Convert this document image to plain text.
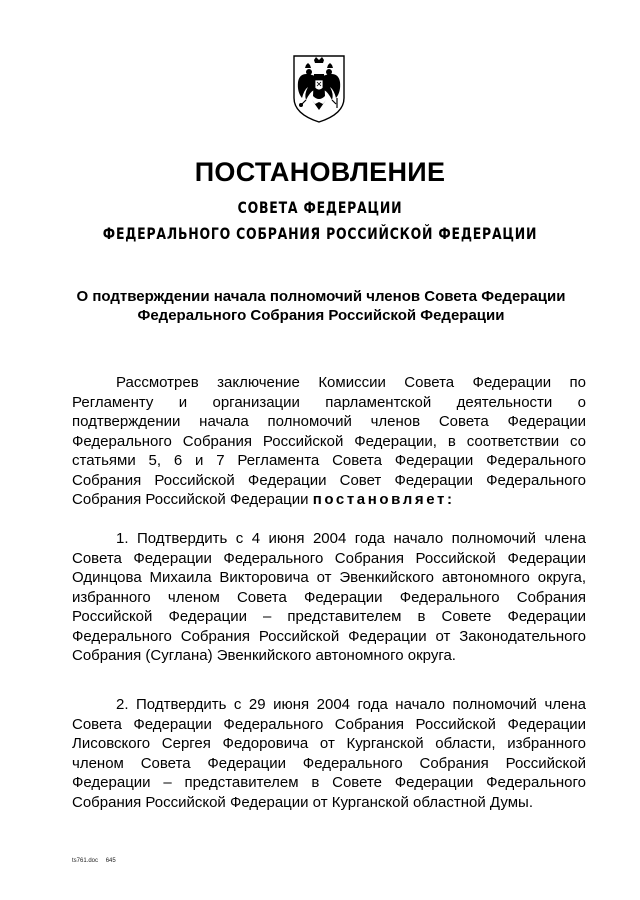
ПОСТАНОВЛЕНИЕ
СОВЕТА ФЕДЕРАЦИИ
ФЕДЕРАЛЬНОГО СОБРАНИЯ РОССИЙСКОЙ ФЕДЕРАЦИИ
О подтверждении начала полномочий членов Совета Федерации
Федерального Собрания Российской Федерации

Рассмотрев заключение Комиссии Совета Федерации по Регламенту и организации парламентской деятельности о подтверждении начала полномочий членов Совета Федерации Федерального Собрания Российской Федерации, в соответствии со статьями 5, 6 и 7 Регламента Совета Федерации Федерального Собрания Российской Федерации Совет Федерации Федерального Собрания Российской Федерации постановляет:

1. Подтвердить с 4 июня 2004 года начало полномочий члена Совета Федерации Федерального Собрания Российской Федерации Одинцова Михаила Викторовича от Эвенкийского автономного округа, избранного членом Совета Федерации Федерального Собрания Российской Федерации – представителем в Совете Федерации Федерального Собрания Российской Федерации от Законодательного Собрания (Суглана) Эвенкийского автономного округа.

2. Подтвердить с 29 июня 2004 года начало полномочий члена Совета Федерации Федерального Собрания Российской Федерации Лисовского Сергея Федоровича от Курганской области, избранного членом Совета Федерации Федерального Собрания Российской Федерации – представителем в Совете Федерации Федерального Собрания Российской Федерации от Курганской областной Думы.

ts761.doc 645
